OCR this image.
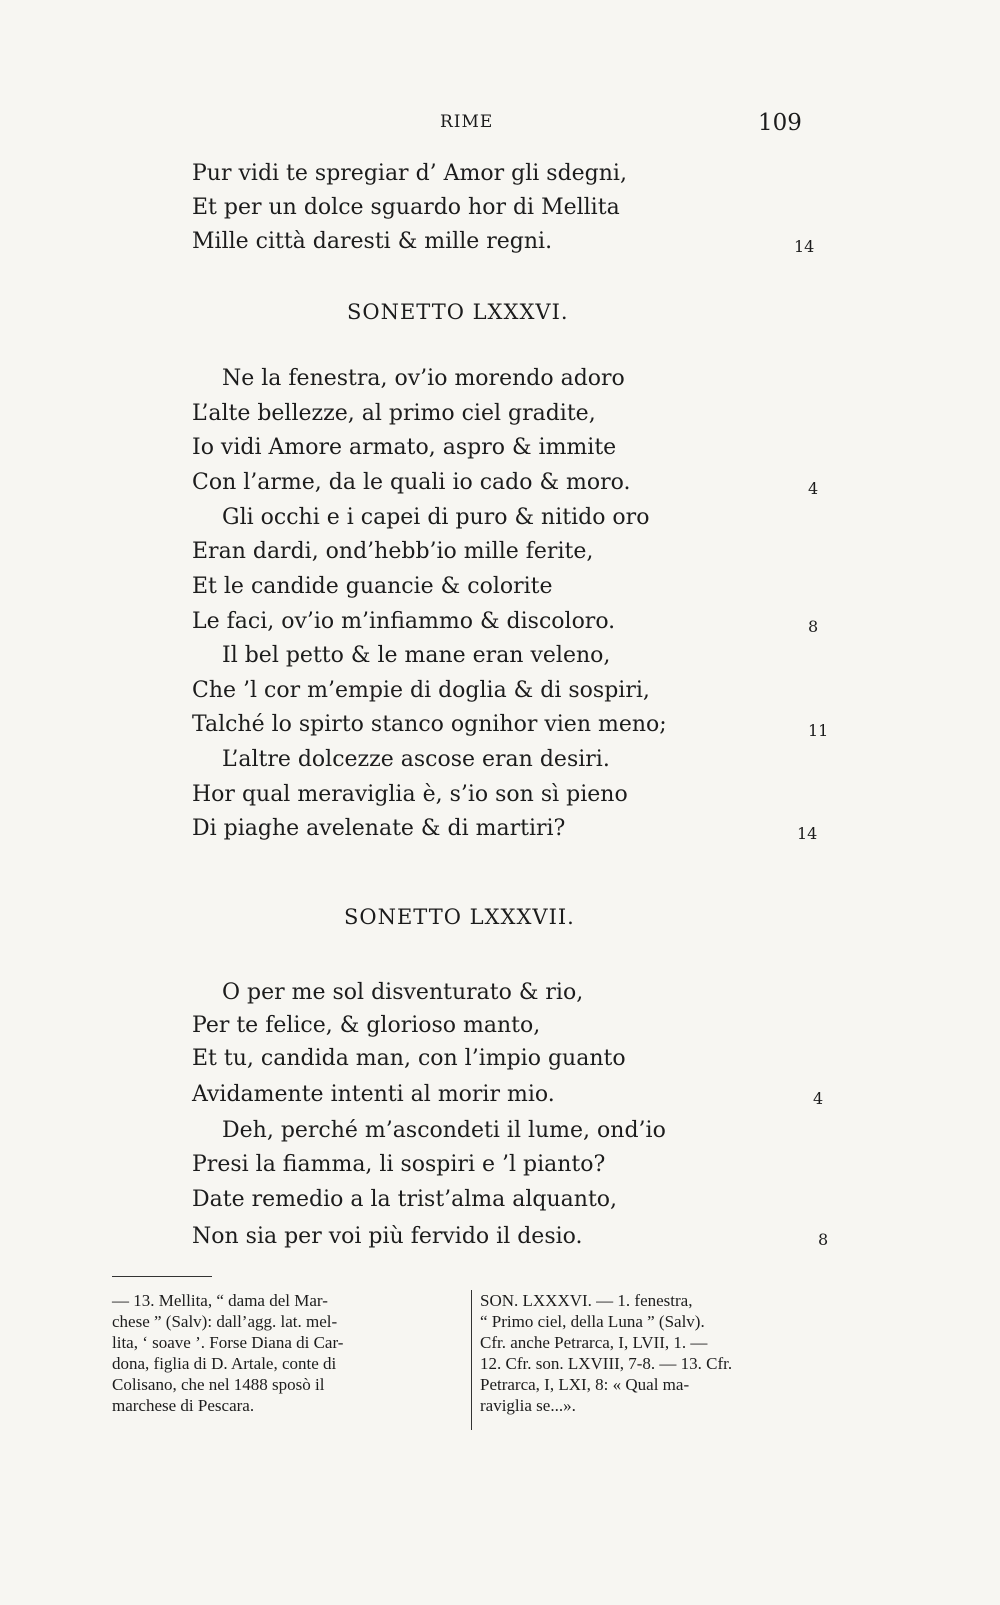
RIME	109
Pur vidi te spregiar d’ Amor gli sdegni,
Et per un dolce sguardo hor di Mellita
Mille città daresti & mille regni.	14
SONETTO LXXXVI.
Ne la fenestra, ov’io morendo adoro
L’alte bellezze, al primo ciel gradite,
Io vidi Amore armato, aspro & immite
Con l’arme, da le quali io cado & moro.	4
Gli occhi e i capei di puro & nitido oro
Eran dardi, ond’hebb’io mille ferite,
Et le candide guancie & colorite
Le faci, ov’io m’infiammo & discoloro.	8
Il bel petto & le mane eran veleno,
Che ’l cor m’empie di doglia & di sospiri,
Talché lo spirto stanco ognihor vien meno;	11
L’altre dolcezze ascose eran desiri.
Hor qual meraviglia è, s’io son sì pieno
Di piaghe avelenate & di martiri?	14
SONETTO LXXXVII.
O per me sol disventurato & rio,
Per te felice, & glorioso manto,
Et tu, candida man, con l’impio guanto
Avidamente intenti al morir mio.	4
Deh, perché m’ascondeti il lume, ond’io
Presi la fiamma, li sospiri e ’l pianto?
Date remedio a la trist’alma alquanto,
Non sia per voi più fervido il desio.	8
— 13. Mellita, “ dama del Mar-
chese ” (Salv): dall’agg. lat. mel-
lita, ‘ soave ’. Forse Diana di Car-
dona, figlia di D. Artale, conte di
Colisano, che nel 1488 sposò il
marchese di Pescara.
SON. LXXXVI. — 1. fenestra,
“ Primo ciel, della Luna ” (Salv).
Cfr. anche Petrarca, I, LVII, 1. —
12. Cfr. son. LXVIII, 7-8. — 13. Cfr.
Petrarca, I, LXI, 8: « Qual ma-
raviglia se...».
